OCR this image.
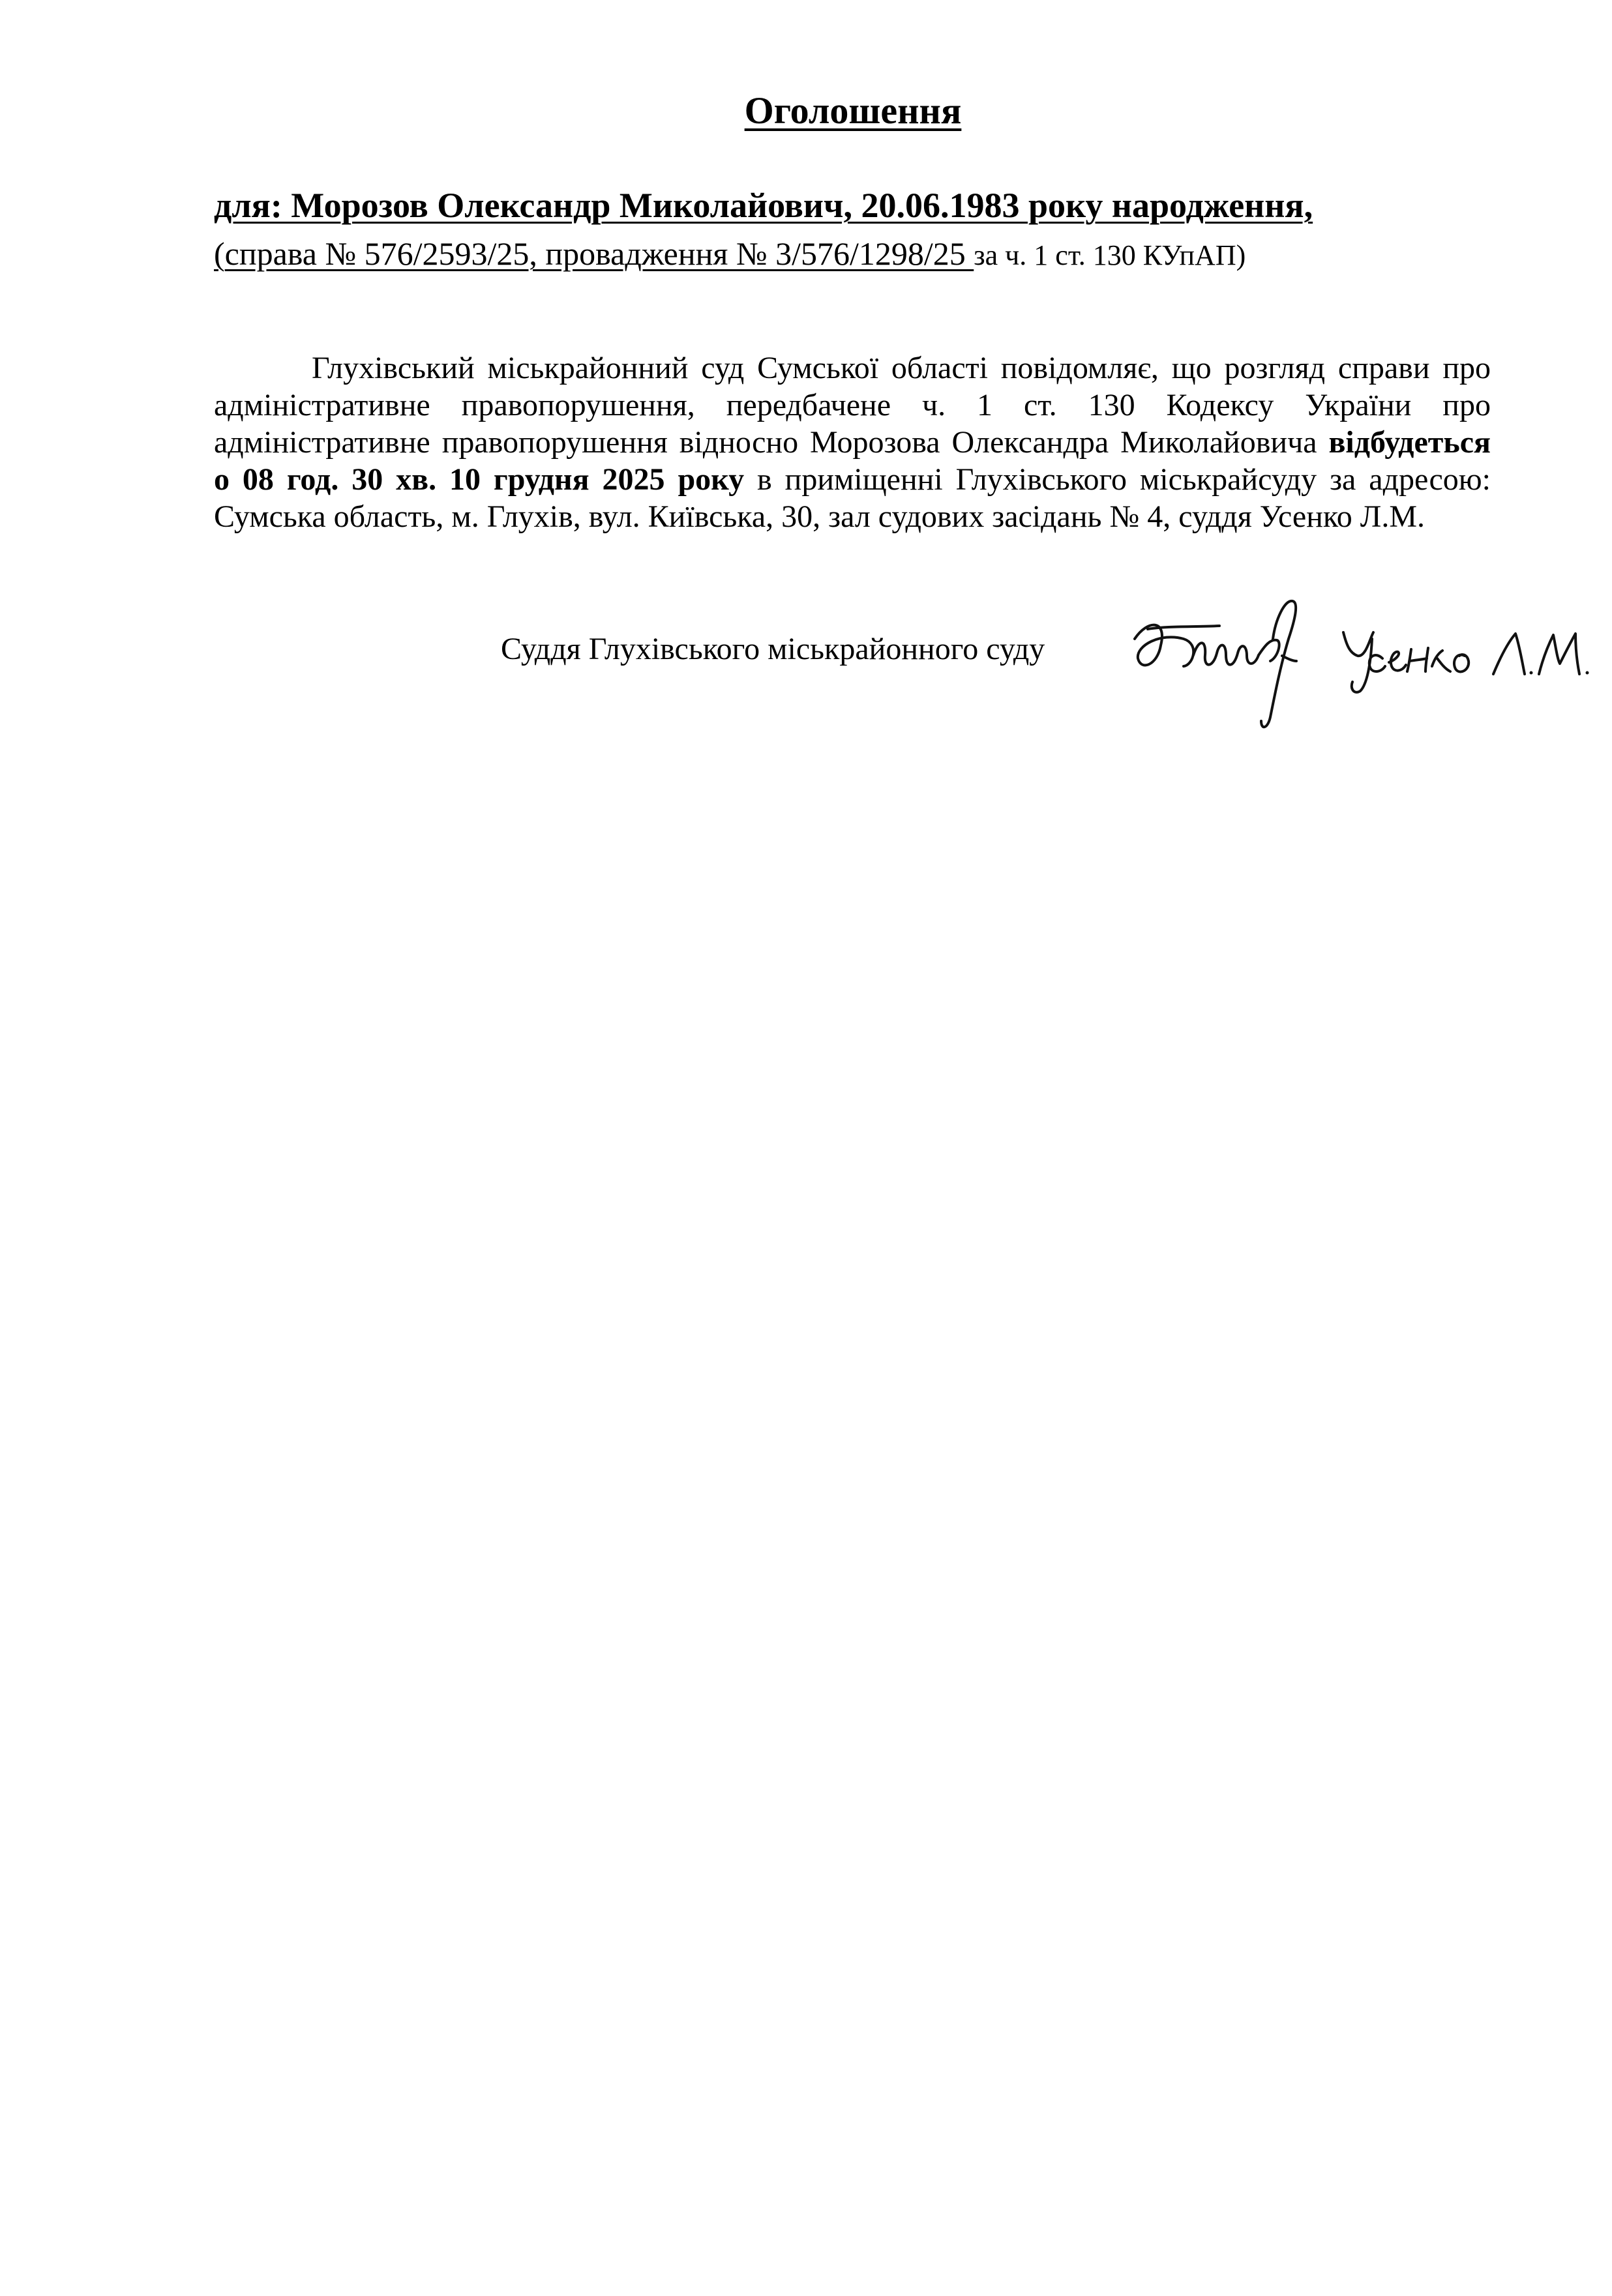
Оголошення
для: Морозов Олександр Миколайович, 20.06.1983 року народження,
(справа № 576/2593/25, провадження № 3/576/1298/25 за ч. 1 ст. 130 КУпАП)

Глухівський міськрайонний суд Сумської області повідомляє, що розгляд справи про адміністративне правопорушення, передбачене ч. 1 ст. 130 Кодексу України про адміністративне правопорушення відносно Морозова Олександра Миколайовича відбудеться о 08 год. 30 хв. 10 грудня 2025 року в приміщенні Глухівського міськрайсуду за адресою: Сумська область, м. Глухів, вул. Київська, 30, зал судових засідань № 4, суддя Усенко Л.М.

Суддя Глухівського міськрайонного суду
